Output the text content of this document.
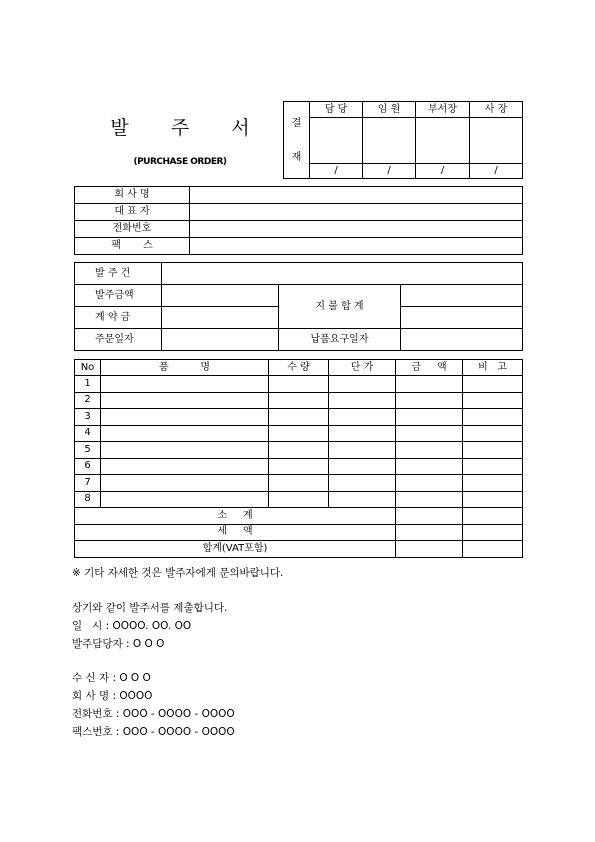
발 주 서
(PURCHASE ORDER)
결

재	담 당	임 원	부서장	사 장

	/	/	/	/
회 사 명	
대 표 자	
전화번호	
팩       스	
발 주 건			
발주금액		지 불 합 계	
계 약 금			
주문일자		납품요구일자	
No	품          명	수 량	단 가	금     액	비   고
1					
2					
3					
4					
5					
6					
7					
8					
소     계					
세     액					
합계(VAT포함)					
※ 기타 자세한 것은 발주자에게 문의바랍니다.
상기와 같이 발주서를 제출합니다.
일   시 : OOOO. OO. OO
발주담당자 : O O O
수 신 자 : O O O
회 사 명 : OOOO
전화번호 : OOO - OOOO - OOOO
팩스번호 : OOO - OOOO - OOOO
